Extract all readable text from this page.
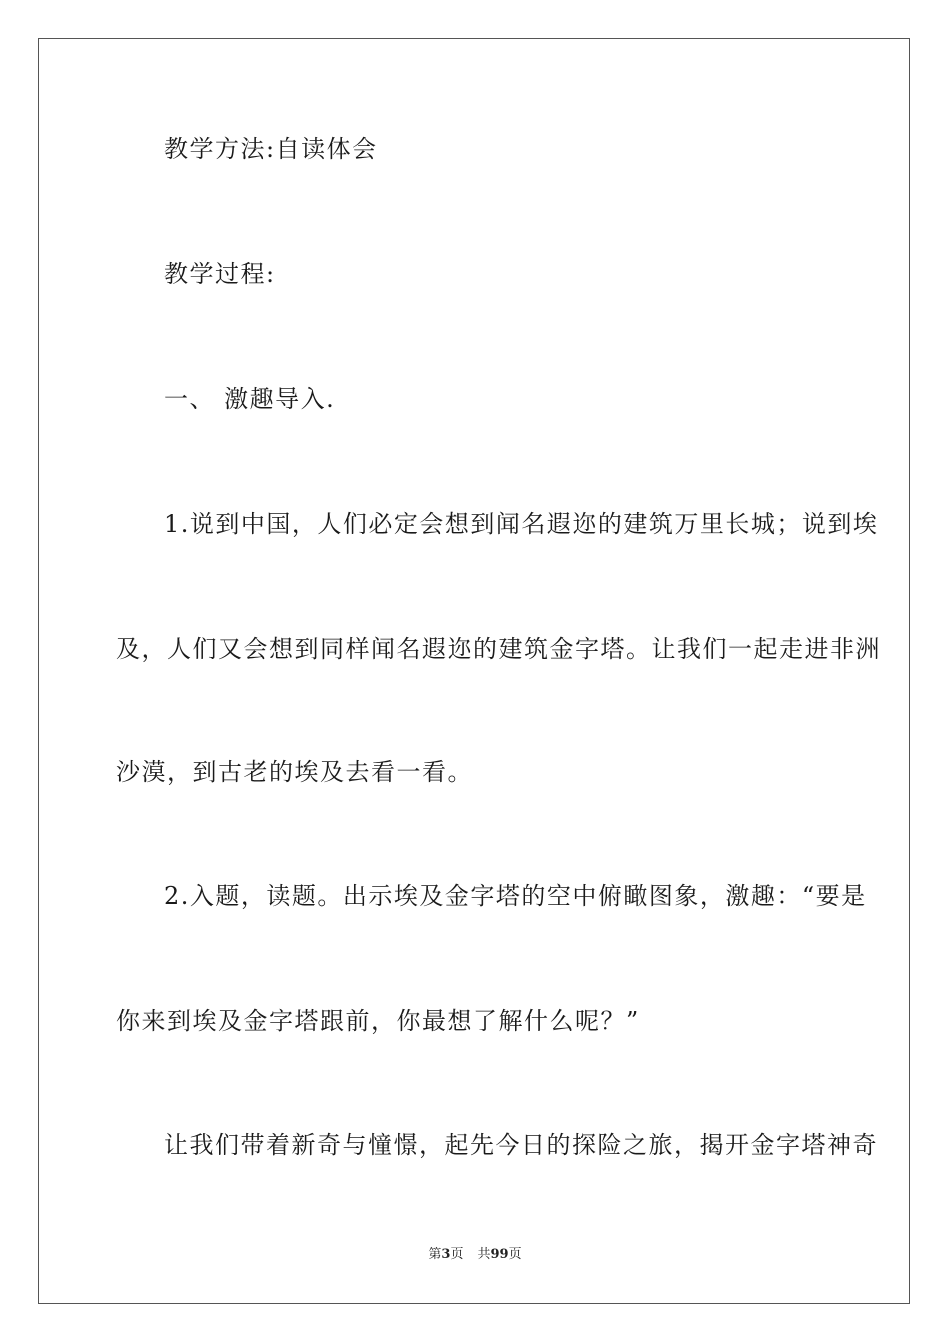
教学方法:自读体会
教学过程:
一、 激趣导入.
1.说到中国，人们必定会想到闻名遐迩的建筑万里长城；说到埃
及，人们又会想到同样闻名遐迩的建筑金字塔。让我们一起走进非洲
沙漠，到古老的埃及去看一看。
2.入题，读题。出示埃及金字塔的空中俯瞰图象，激趣：“要是
你来到埃及金字塔跟前，你最想了解什么呢？”
让我们带着新奇与憧憬，起先今日的探险之旅，揭开金字塔神奇
第3页 共99页
